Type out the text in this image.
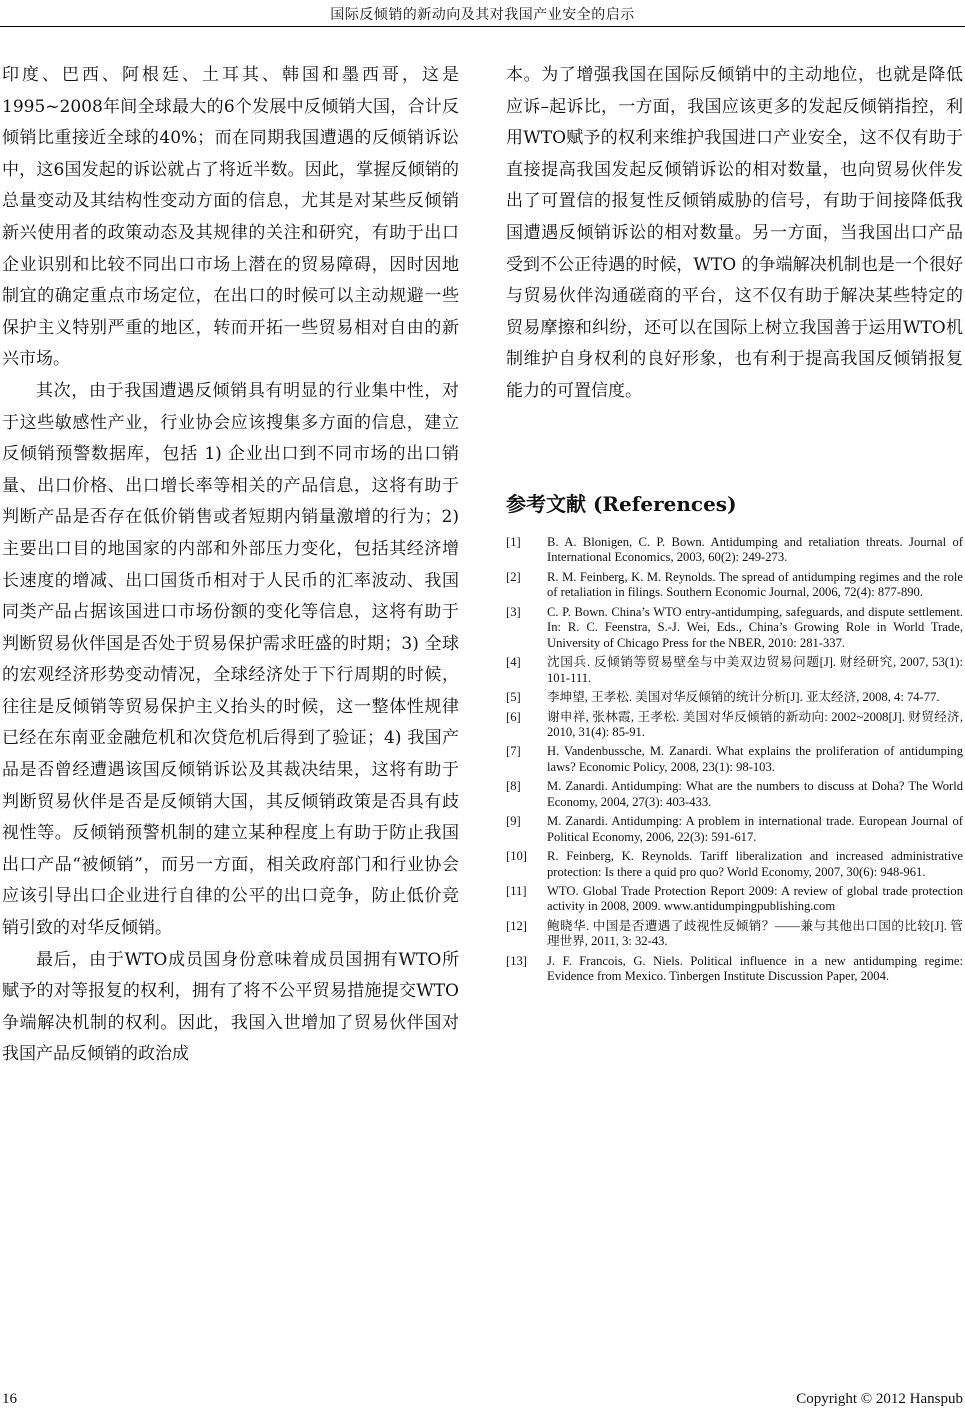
国际反倾销的新动向及其对我国产业安全的启示

印度、巴西、阿根廷、土耳其、韩国和墨西哥，这是1995~2008年间全球最大的6个发展中反倾销大国，合计反倾销比重接近全球的40%；而在同期我国遭遇的反倾销诉讼中，这6国发起的诉讼就占了将近半数。因此，掌握反倾销的总量变动及其结构性变动方面的信息，尤其是对某些反倾销新兴使用者的政策动态及其规律的关注和研究，有助于出口企业识别和比较不同出口市场上潜在的贸易障碍，因时因地制宜的确定重点市场定位，在出口的时候可以主动规避一些保护主义特别严重的地区，转而开拓一些贸易相对自由的新兴市场。

其次，由于我国遭遇反倾销具有明显的行业集中性，对于这些敏感性产业，行业协会应该搜集多方面的信息，建立反倾销预警数据库，包括 1) 企业出口到不同市场的出口销量、出口价格、出口增长率等相关的产品信息，这将有助于判断产品是否存在低价销售或者短期内销量激增的行为；2) 主要出口目的地国家的内部和外部压力变化，包括其经济增长速度的增减、出口国货币相对于人民币的汇率波动、我国同类产品占据该国进口市场份额的变化等信息，这将有助于判断贸易伙伴国是否处于贸易保护需求旺盛的时期；3) 全球的宏观经济形势变动情况，全球经济处于下行周期的时候，往往是反倾销等贸易保护主义抬头的时候，这一整体性规律已经在东南亚金融危机和次贷危机后得到了验证；4) 我国产品是否曾经遭遇该国反倾销诉讼及其裁决结果，这将有助于判断贸易伙伴是否是反倾销大国，其反倾销政策是否具有歧视性等。反倾销预警机制的建立某种程度上有助于防止我国出口产品“被倾销”，而另一方面，相关政府部门和行业协会应该引导出口企业进行自律的公平的出口竞争，防止低价竞销引致的对华反倾销。

最后，由于WTO成员国身份意味着成员国拥有WTO所赋予的对等报复的权利，拥有了将不公平贸易措施提交WTO争端解决机制的权利。因此，我国入世增加了贸易伙伴国对我国产品反倾销的政治成

本。为了增强我国在国际反倾销中的主动地位，也就是降低应诉–起诉比，一方面，我国应该更多的发起反倾销指控，利用WTO赋予的权利来维护我国进口产业安全，这不仅有助于直接提高我国发起反倾销诉讼的相对数量，也向贸易伙伴发出了可置信的报复性反倾销威胁的信号，有助于间接降低我国遭遇反倾销诉讼的相对数量。另一方面，当我国出口产品受到不公正待遇的时候，WTO 的争端解决机制也是一个很好与贸易伙伴沟通磋商的平台，这不仅有助于解决某些特定的贸易摩擦和纠纷，还可以在国际上树立我国善于运用WTO机制维护自身权利的良好形象，也有利于提高我国反倾销报复能力的可置信度。

参考文献 (References)
[1] B. A. Blonigen, C. P. Bown. Antidumping and retaliation threats. Journal of International Economics, 2003, 60(2): 249-273.
[2] R. M. Feinberg, K. M. Reynolds. The spread of antidumping regimes and the role of retaliation in filings. Southern Economic Journal, 2006, 72(4): 877-890.
[3] C. P. Bown. China’s WTO entry-antidumping, safeguards, and dispute settlement. In: R. C. Feenstra, S.-J. Wei, Eds., China’s Growing Role in World Trade, University of Chicago Press for the NBER, 2010: 281-337.
[4] 沈国兵. 反倾销等贸易壁垒与中美双边贸易问题[J]. 财经研究, 2007, 53(1): 101-111.
[5] 李坤望, 王孝松. 美国对华反倾销的统计分析[J]. 亚太经济, 2008, 4: 74-77.
[6] 谢申祥, 张林霞, 王孝松. 美国对华反倾销的新动向: 2002~2008[J]. 财贸经济, 2010, 31(4): 85-91.
[7] H. Vandenbussche, M. Zanardi. What explains the proliferation of antidumping laws? Economic Policy, 2008, 23(1): 98-103.
[8] M. Zanardi. Antidumping: What are the numbers to discuss at Doha? The World Economy, 2004, 27(3): 403-433.
[9] M. Zanardi. Antidumping: A problem in international trade. European Journal of Political Economy, 2006, 22(3): 591-617.
[10] R. Feinberg, K. Reynolds. Tariff liberalization and increased administrative protection: Is there a quid pro quo? World Economy, 2007, 30(6): 948-961.
[11] WTO. Global Trade Protection Report 2009: A review of global trade protection activity in 2008, 2009. www.antidumpingpublishing.com
[12] 鲍晓华. 中国是否遭遇了歧视性反倾销？——兼与其他出口国的比较[J]. 管理世界, 2011, 3: 32-43.
[13] J. F. Francois, G. Niels. Political influence in a new antidumping regime: Evidence from Mexico. Tinbergen Institute Discussion Paper, 2004.
16	Copyright © 2012 Hanspub
